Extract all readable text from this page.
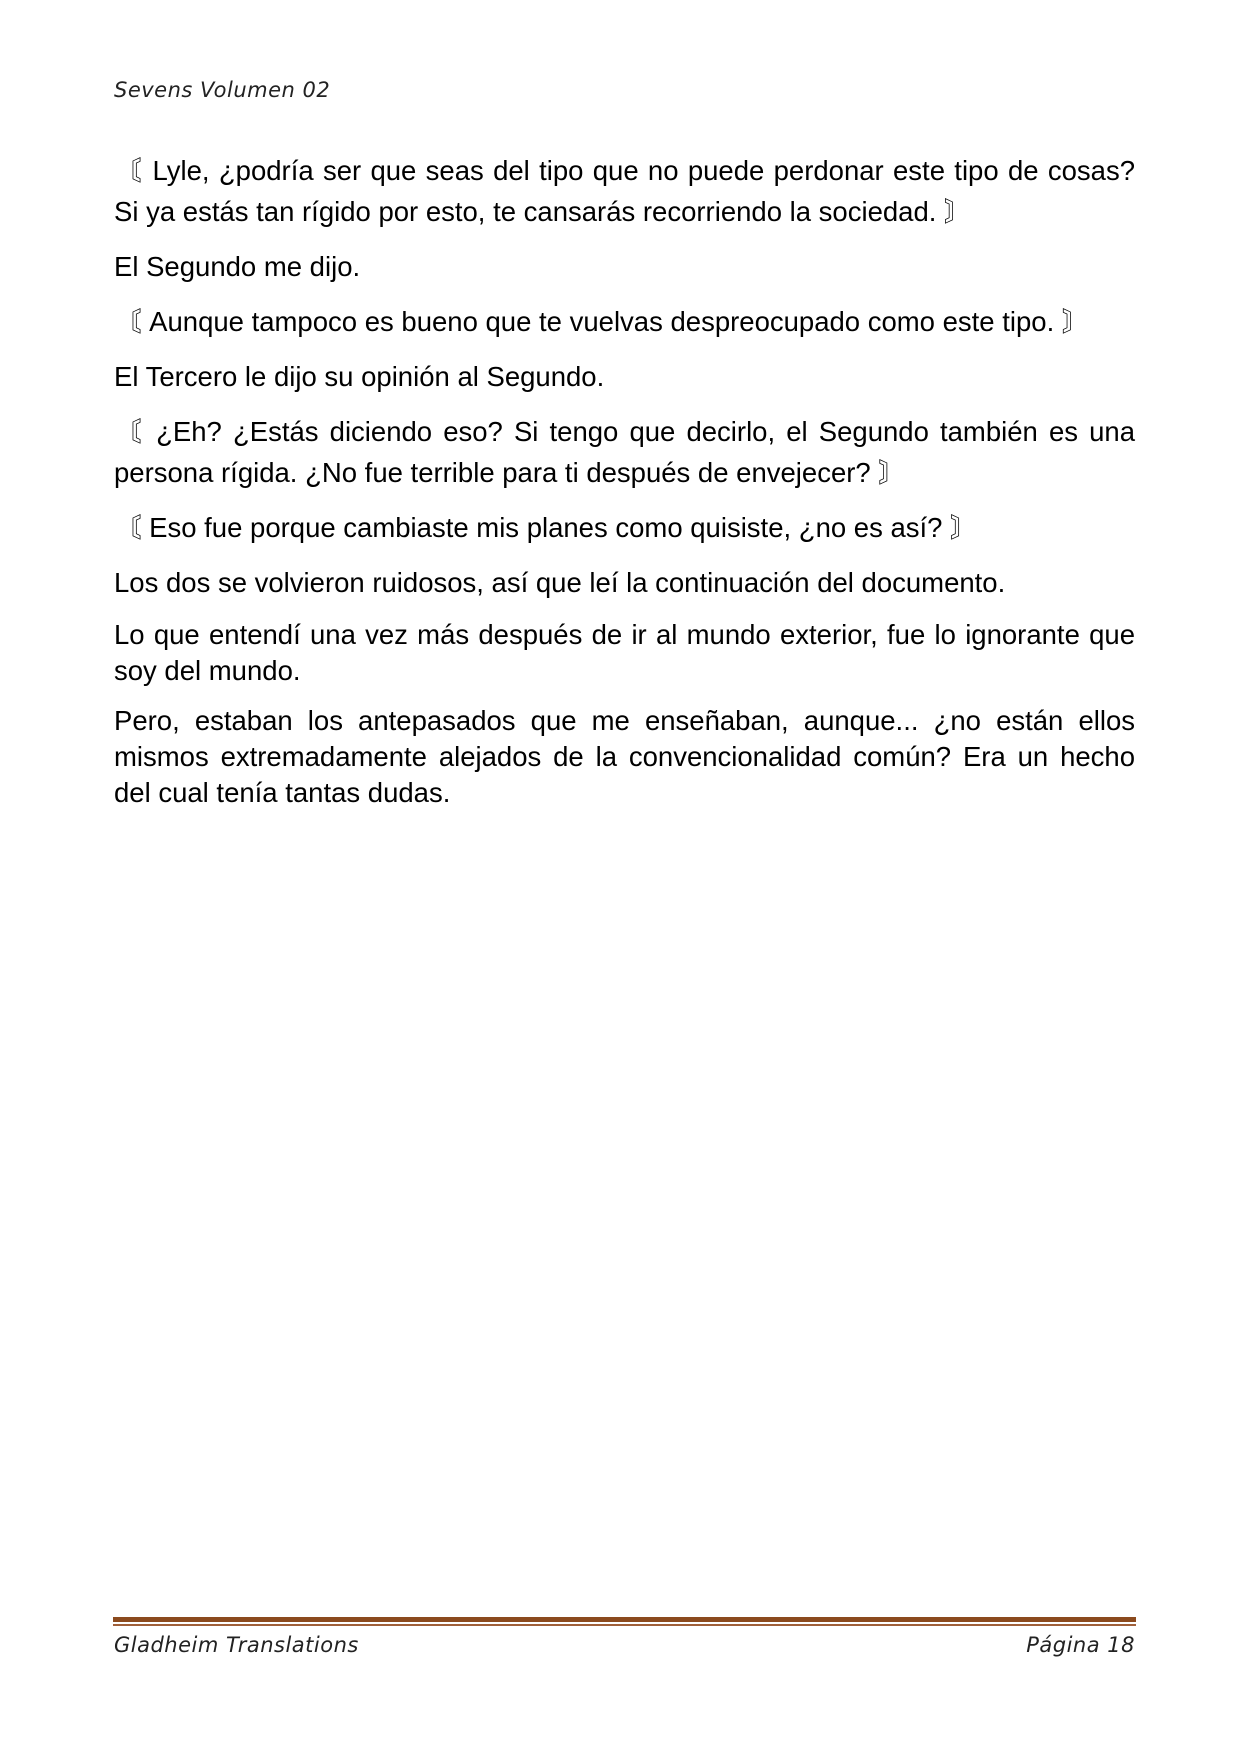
Sevens Volumen 02

〘 Lyle, ¿podría ser que seas del tipo que no puede perdonar este tipo de cosas? Si ya estás tan rígido por esto, te cansarás recorriendo la sociedad. 〙

El Segundo me dijo.

〘 Aunque tampoco es bueno que te vuelvas despreocupado como este tipo. 〙

El Tercero le dijo su opinión al Segundo.

〘 ¿Eh? ¿Estás diciendo eso? Si tengo que decirlo, el Segundo también es una persona rígida. ¿No fue terrible para ti después de envejecer? 〙

〘 Eso fue porque cambiaste mis planes como quisiste, ¿no es así? 〙

Los dos se volvieron ruidosos, así que leí la continuación del documento.

Lo que entendí una vez más después de ir al mundo exterior, fue lo ignorante que soy del mundo.

Pero, estaban los antepasados que me enseñaban, aunque... ¿no están ellos mismos extremadamente alejados de la convencionalidad común? Era un hecho del cual tenía tantas dudas.

Gladheim Translations	Página 18
